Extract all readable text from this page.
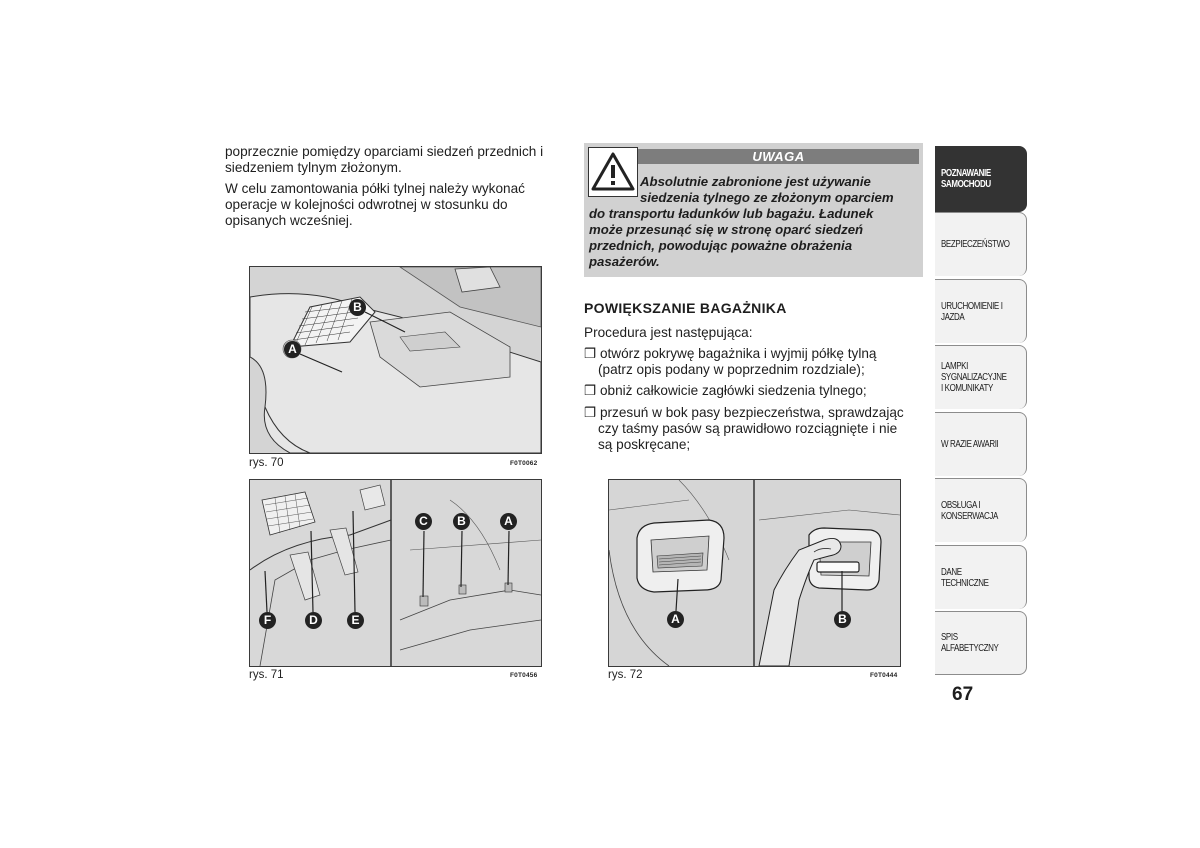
poprzecznie pomiędzy oparciami siedzeń przednich i
siedzeniem tylnym złożonym.
W celu zamontowania półki tylnej należy wykonać
operacje w kolejności odwrotnej w stosunku do
opisanych wcześniej.
A
B
rys. 70	F0T0062
F	D	E
C	B	A
rys. 71	F0T0456
UWAGA
Absolutnie zabronione jest używanie
siedzenia tylnego ze złożonym oparciem
do transportu ładunków lub bagażu. Ładunek
może przesunąć się w stronę oparć siedzeń
przednich, powodując poważne obrażenia
pasażerów.
POWIĘKSZANIE BAGAŻNIKA
Procedura jest następująca:
❒ otwórz pokrywę bagażnika i wyjmij półkę tylną
(patrz opis podany w poprzednim rozdziale);
❒ obniż całkowicie zagłówki siedzenia tylnego;
❒ przesuń w bok pasy bezpieczeństwa, sprawdzając
czy taśmy pasów są prawidłowo rozciągnięte i nie
są poskręcane;
A	B
rys. 72	F0T0444
POZNAWANIE SAMOCHODU
BEZPIECZEŃSTWO
URUCHOMIENIE I JAZDA
LAMPKI SYGNALIZACYJNE I KOMUNIKATY
W RAZIE AWARII
OBSŁUGA I KONSERWACJA
DANE TECHNICZNE
SPIS ALFABETYCZNY
67
